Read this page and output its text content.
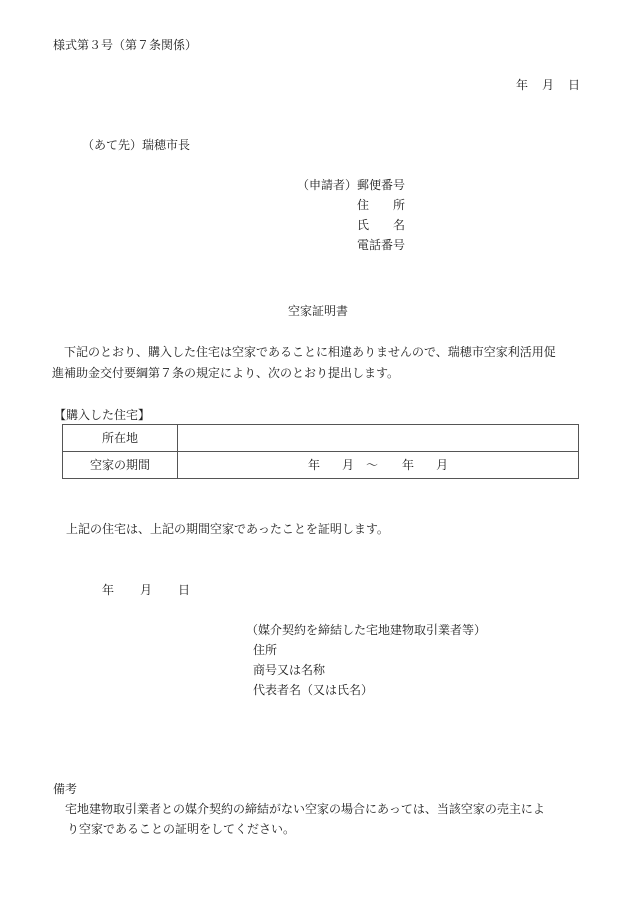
様式第３号（第７条関係）
年 月 日
（あて先）瑞穂市長
（申請者） 郵便番号
住　　所
氏　　名
電話番号
空家証明書
　下記のとおり、購入した住宅は空家であることに相違ありませんので、瑞穂市空家利活用促
進補助金交付要綱第７条の規定により、次のとおり提出します。
【購入した住宅】
所在地	
空家の期間	年 月 〜 年 月
上記の住宅は、上記の期間空家であったことを証明します。
年 月 日
（媒介契約を締結した宅地建物取引業者等）
住所
商号又は名称
代表者名（又は氏名）
備考
　宅地建物取引業者との媒介契約の締結がない空家の場合にあっては、当該空家の売主によ
り空家であることの証明をしてください。
